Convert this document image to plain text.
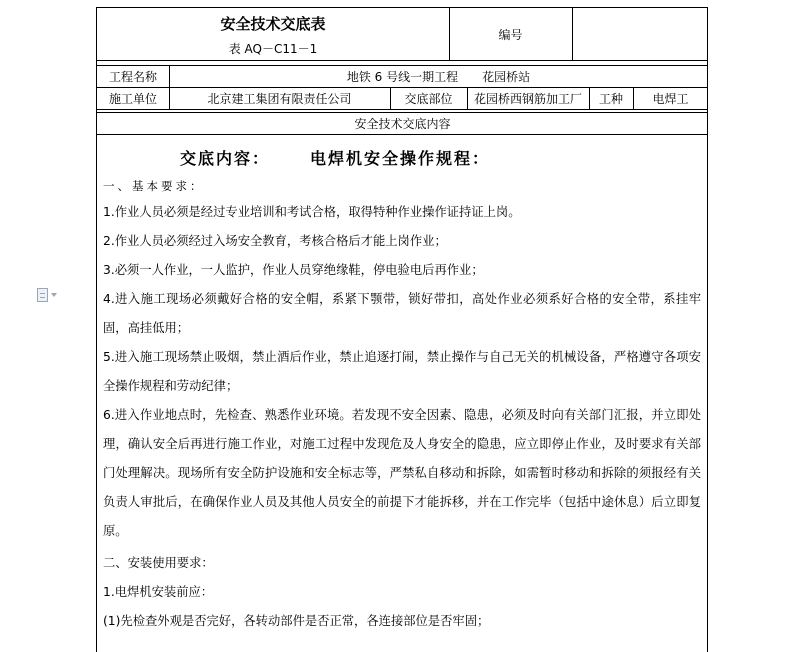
安全技术交底表
表 AQ－C11－1
编号
工程名称	地铁 6 号线一期工程　　花园桥站
施工单位	北京建工集团有限责任公司	交底部位	花园桥西钢筋加工厂	工种	电焊工
安全技术交底内容
交底内容： 电焊机安全操作规程：
一、基本要求：
1.作业人员必须是经过专业培训和考试合格，取得特种作业操作证持证上岗。
2.作业人员必须经过入场安全教育，考核合格后才能上岗作业；
3.必须一人作业，一人监护，作业人员穿绝缘鞋，停电验电后再作业；
4.进入施工现场必须戴好合格的安全帽，系紧下颚带，锁好带扣，高处作业必须系好合格的安全带，系挂牢固，高挂低用；
5.进入施工现场禁止吸烟，禁止酒后作业，禁止追逐打闹，禁止操作与自己无关的机械设备，严格遵守各项安全操作规程和劳动纪律；
6.进入作业地点时，先检查、熟悉作业环境。若发现不安全因素、隐患，必须及时向有关部门汇报，并立即处理，确认安全后再进行施工作业，对施工过程中发现危及人身安全的隐患，应立即停止作业，及时要求有关部门处理解决。现场所有安全防护设施和安全标志等，严禁私自移动和拆除，如需暂时移动和拆除的须报经有关负责人审批后，在确保作业人员及其他人员安全的前提下才能拆移，并在工作完毕（包括中途休息）后立即复原。
二、安装使用要求：
1.电焊机安装前应：
(1)先检查外观是否完好，各转动部件是否正常，各连接部位是否牢固；
